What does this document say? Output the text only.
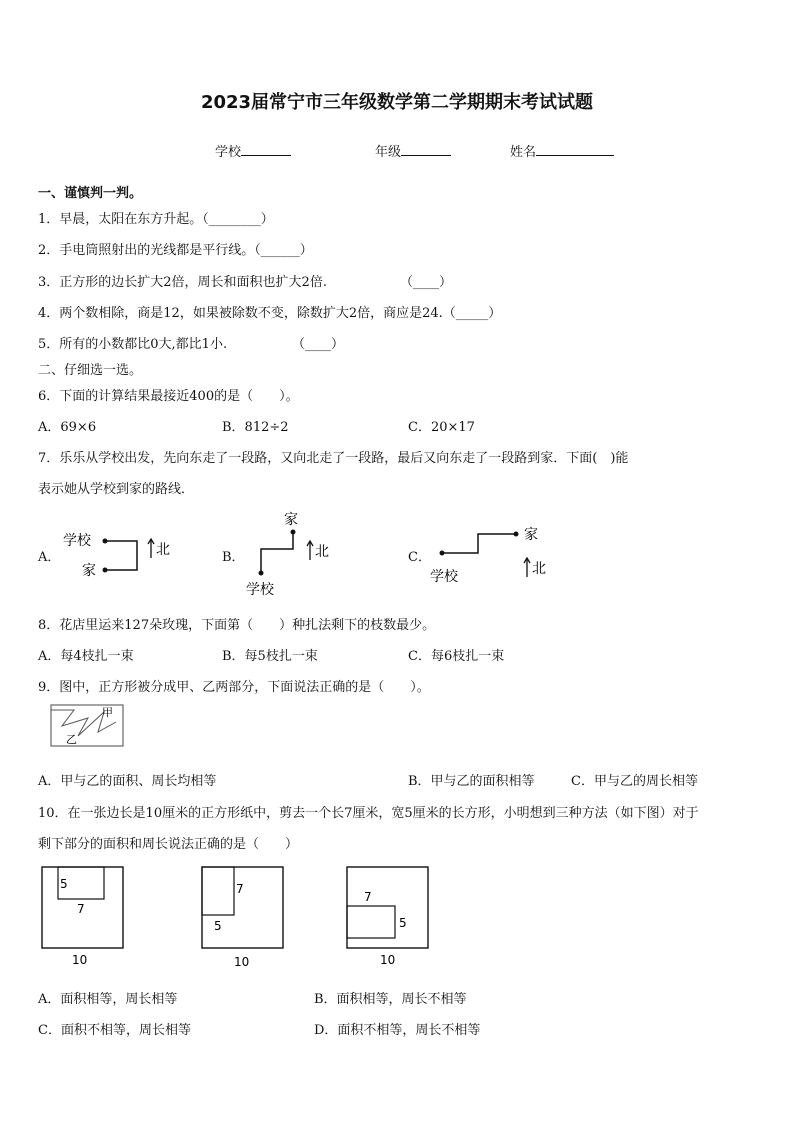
2023届常宁市三年级数学第二学期期末考试试题
学校	年级	姓名
一、谨慎判一判。
1．早晨，太阳在东方升起。（________）
2．手电筒照射出的光线都是平行线。（______）
3．正方形的边长扩大2倍，周长和面积也扩大2倍.	（____）
4．两个数相除，商是12，如果被除数不变，除数扩大2倍，商应是24.（_____）
5．所有的小数都比0大,都比1小.	（____）
二、仔细选一选。
6．下面的计算结果最接近400的是（　　）。
A．69×6	B．812÷2	C．20×17
7．乐乐从学校出发，先向东走了一段路，又向北走了一段路，最后又向东走了一段路到家．下面(　)能
表示她从学校到家的路线．
A．
学校
家
北	B．
家
学校
北	C．
家
学校	北
8．花店里运来127朵玫瑰，下面第（　　）种扎法剩下的枝数最少。
A．每4枝扎一束	B．每5枝扎一束	C．每6枝扎一束
9．图中，正方形被分成甲、乙两部分，下面说法正确的是（　　）。
甲
乙
A．甲与乙的面积、周长均相等	B．甲与乙的面积相等	C．甲与乙的周长相等
10．在一张边长是10厘米的正方形纸中，剪去一个长7厘米，宽5厘米的长方形，小明想到三种方法（如下图）对于
剩下部分的面积和周长说法正确的是（　　）
5
7
10
7
5
10
7
5
10
A．面积相等，周长相等	B．面积相等，周长不相等
C．面积不相等，周长相等	D．面积不相等，周长不相等
